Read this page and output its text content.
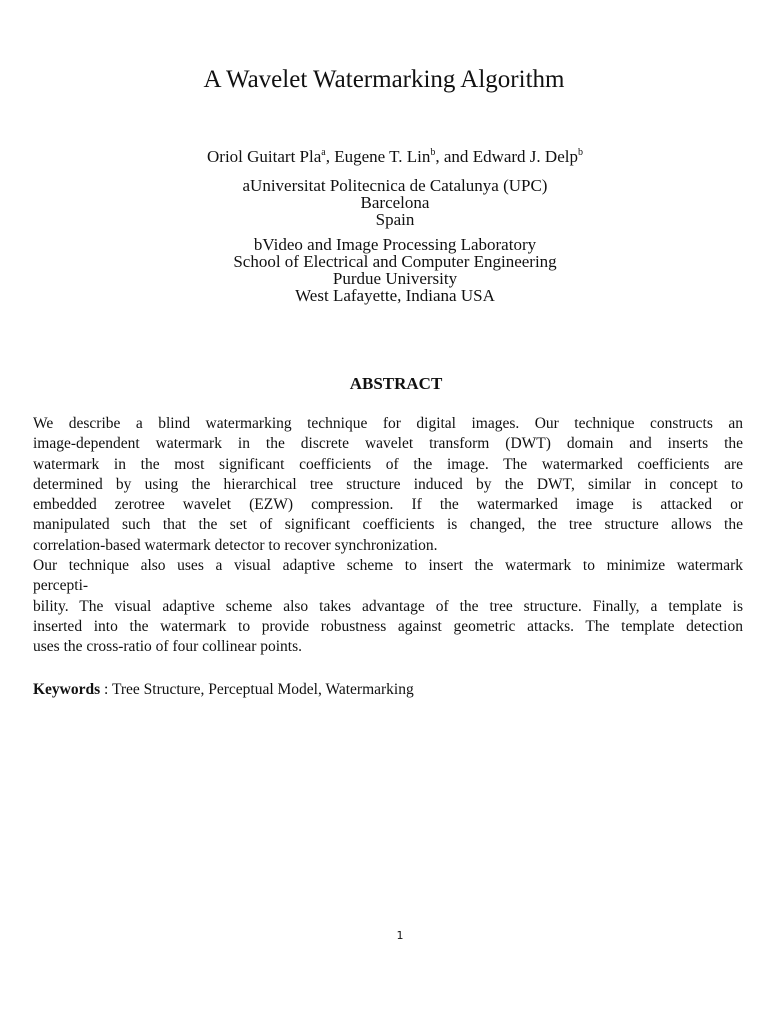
A Wavelet Watermarking Algorithm
Oriol Guitart Pla$^a$, Eugene T. Lin$^b$, and Edward J. Delp$^b$
aUniversitat Politecnica de Catalunya (UPC)
Barcelona
Spain
bVideo and Image Processing Laboratory
School of Electrical and Computer Engineering
Purdue University
West Lafayette, Indiana USA
ABSTRACT
We describe a blind watermarking technique for digital images. Our technique constructs an
image-dependent watermark in the discrete wavelet transform (DWT) domain and inserts the
watermark in the most significant coefficients of the image. The watermarked coefficients are
determined by using the hierarchical tree structure induced by the DWT, similar in concept to
embedded zerotree wavelet (EZW) compression. If the watermarked image is attacked or
manipulated such that the set of significant coefficients is changed, the tree structure allows the
correlation-based watermark detector to recover synchronization.
Our technique also uses a visual adaptive scheme to insert the watermark to minimize watermark
percepti-
bility. The visual adaptive scheme also takes advantage of the tree structure. Finally, a template is
inserted into the watermark to provide robustness against geometric attacks. The template detection
uses the cross-ratio of four collinear points.
Keywords : Tree Structure, Perceptual Model, Watermarking
1
